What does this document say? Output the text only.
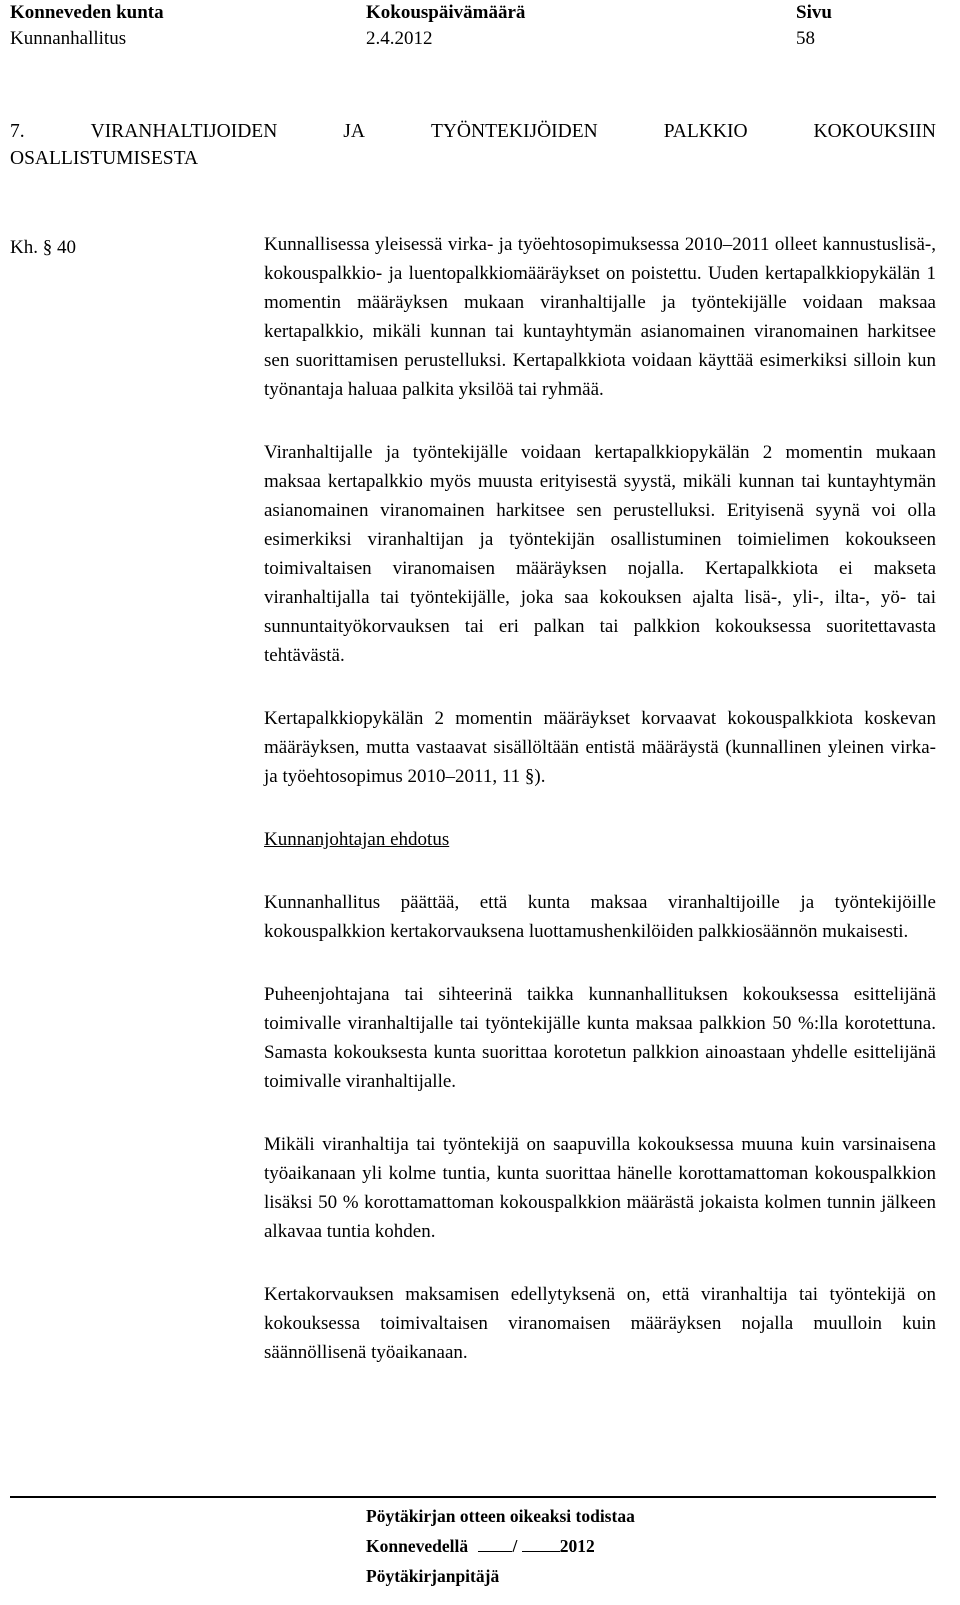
Konneveden kunta
Kunnanhallitus
Kokouspäivämäärä
2.4.2012
Sivu
58
7.	VIRANHALTIJOIDEN	JA	TYÖNTEKIJÖIDEN	PALKKIO	KOKOUKSIIN
OSALLISTUMISESTA
Kh. § 40	Kunnallisessa yleisessä virka- ja työehtosopimuksessa 2010–2011 olleet kannustuslisä-, kokouspalkkio- ja luentopalkkiomääräykset on poistettu. Uuden kertapalkkiopykälän 1 momentin määräyksen mukaan viranhaltijalle ja työntekijälle voidaan maksaa kertapalkkio, mikäli kunnan tai kuntayhtymän asianomainen viranomainen harkitsee sen suorittamisen perustelluksi. Kertapalkkiota voidaan käyttää esimerkiksi silloin kun työnantaja haluaa palkita yksilöä tai ryhmää.

Viranhaltijalle ja työntekijälle voidaan kertapalkkiopykälän 2 momentin mukaan maksaa kertapalkkio myös muusta erityisestä syystä, mikäli kunnan tai kuntayhtymän asianomainen viranomainen harkitsee sen perustelluksi. Erityisenä syynä voi olla esimerkiksi viranhaltijan ja työntekijän osallistuminen toimielimen kokoukseen toimivaltaisen viranomaisen määräyksen nojalla. Kertapalkkiota ei makseta viranhaltijalla tai työntekijälle, joka saa kokouksen ajalta lisä-, yli-, ilta-, yö- tai sunnuntaityökorvauksen tai eri palkan tai palkkion kokouksessa suoritettavasta tehtävästä.

Kertapalkkiopykälän 2 momentin määräykset korvaavat kokouspalkkiota koskevan määräyksen, mutta vastaavat sisällöltään entistä määräystä (kunnallinen yleinen virka- ja työehtosopimus 2010–2011, 11 §).

Kunnanjohtajan ehdotus

Kunnanhallitus päättää, että kunta maksaa viranhaltijoille ja työntekijöille kokouspalkkion kertakorvauksena luottamushenkilöiden palkkiosäännön mukaisesti.

Puheenjohtajana tai sihteerinä taikka kunnanhallituksen kokouksessa esittelijänä toimivalle viranhaltijalle tai työntekijälle kunta maksaa palkkion 50 %:lla korotettuna. Samasta kokouksesta kunta suorittaa korotetun palkkion ainoastaan yhdelle esittelijänä toimivalle viranhaltijalle.

Mikäli viranhaltija tai työntekijä on saapuvilla kokouksessa muuna kuin varsinaisena työaikanaan yli kolme tuntia, kunta suorittaa hänelle korottamattoman kokouspalkkion lisäksi 50 % korottamattoman kokouspalkkion määrästä jokaista kolmen tunnin jälkeen alkavaa tuntia kohden.

Kertakorvauksen maksamisen edellytyksenä on, että viranhaltija tai työntekijä on kokouksessa toimivaltaisen viranomaisen määräyksen nojalla muulloin kuin säännöllisenä työaikanaan.

Pöytäkirjan otteen oikeaksi todistaa
Konnevedellä	/ 2012
Pöytäkirjanpitäjä
